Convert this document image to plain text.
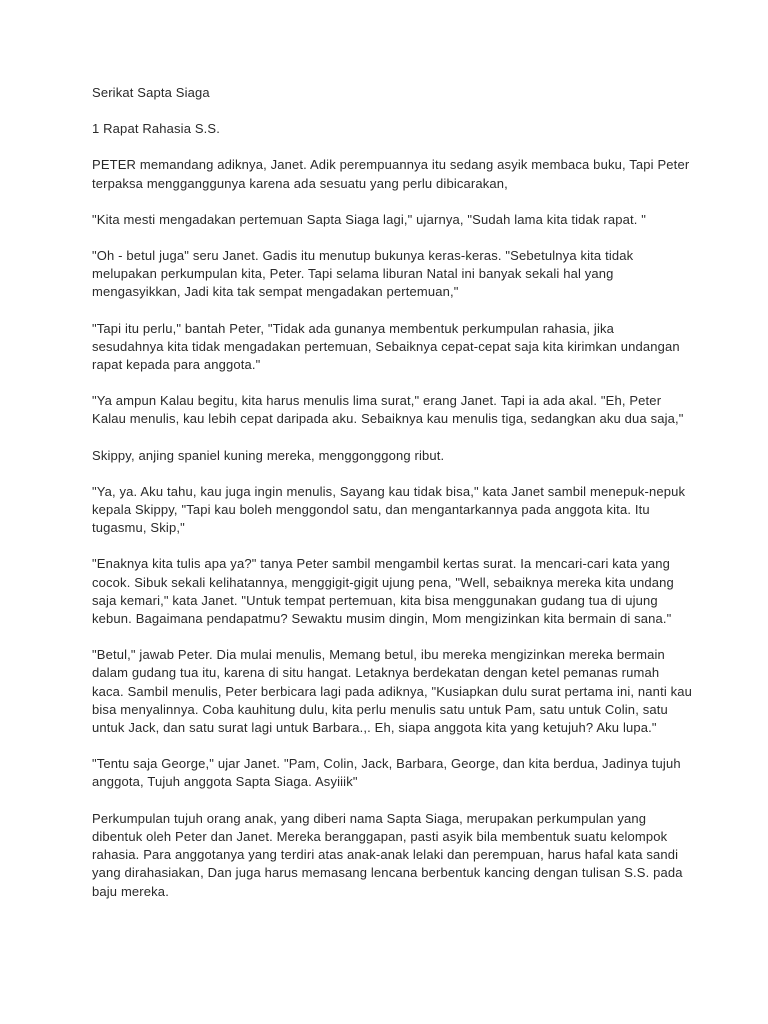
Serikat Sapta Siaga

1 Rapat Rahasia S.S.

PETER memandang adiknya, Janet. Adik perempuannya itu sedang asyik membaca buku, Tapi Peter
terpaksa mengganggunya karena ada sesuatu yang perlu dibicarakan,

"Kita mesti mengadakan pertemuan Sapta Siaga lagi," ujarnya, "Sudah lama kita tidak rapat. "

"Oh - betul juga" seru Janet. Gadis itu menutup bukunya keras-keras. "Sebetulnya kita tidak
melupakan perkumpulan kita, Peter. Tapi selama liburan Natal ini banyak sekali hal yang
mengasyikkan, Jadi kita tak sempat mengadakan pertemuan,"

"Tapi itu perlu," bantah Peter, "Tidak ada gunanya membentuk perkumpulan rahasia, jika
sesudahnya kita tidak mengadakan pertemuan, Sebaiknya cepat-cepat saja kita kirimkan undangan
rapat kepada para anggota."

"Ya ampun Kalau begitu, kita harus menulis lima surat," erang Janet. Tapi ia ada akal. "Eh, Peter
Kalau menulis, kau lebih cepat daripada aku. Sebaiknya kau menulis tiga, sedangkan aku dua saja,"

Skippy, anjing spaniel kuning mereka, menggonggong ribut.

"Ya, ya. Aku tahu, kau juga ingin menulis, Sayang kau tidak bisa," kata Janet sambil menepuk-nepuk
kepala Skippy, "Tapi kau boleh menggondol satu, dan mengantarkannya pada anggota kita. Itu
tugasmu, Skip,"

"Enaknya kita tulis apa ya?" tanya Peter sambil mengambil kertas surat. Ia mencari-cari kata yang
cocok. Sibuk sekali kelihatannya, menggigit-gigit ujung pena, "Well, sebaiknya mereka kita undang
saja kemari," kata Janet. "Untuk tempat pertemuan, kita bisa menggunakan gudang tua di ujung
kebun. Bagaimana pendapatmu? Sewaktu musim dingin, Mom mengizinkan kita bermain di sana."

"Betul," jawab Peter. Dia mulai menulis, Memang betul, ibu mereka mengizinkan mereka bermain
dalam gudang tua itu, karena di situ hangat. Letaknya berdekatan dengan ketel pemanas rumah
kaca. Sambil menulis, Peter berbicara lagi pada adiknya, "Kusiapkan dulu surat pertama ini, nanti kau
bisa menyalinnya. Coba kauhitung dulu, kita perlu menulis satu untuk Pam, satu untuk Colin, satu
untuk Jack, dan satu surat lagi untuk Barbara.,. Eh, siapa anggota kita yang ketujuh? Aku lupa."

"Tentu saja George," ujar Janet. "Pam, Colin, Jack, Barbara, George, dan kita berdua, Jadinya tujuh
anggota, Tujuh anggota Sapta Siaga. Asyiiik"

Perkumpulan tujuh orang anak, yang diberi nama Sapta Siaga, merupakan perkumpulan yang
dibentuk oleh Peter dan Janet. Mereka beranggapan, pasti asyik bila membentuk suatu kelompok
rahasia. Para anggotanya yang terdiri atas anak-anak lelaki dan perempuan, harus hafal kata sandi
yang dirahasiakan, Dan juga harus memasang lencana berbentuk kancing dengan tulisan S.S. pada
baju mereka.
